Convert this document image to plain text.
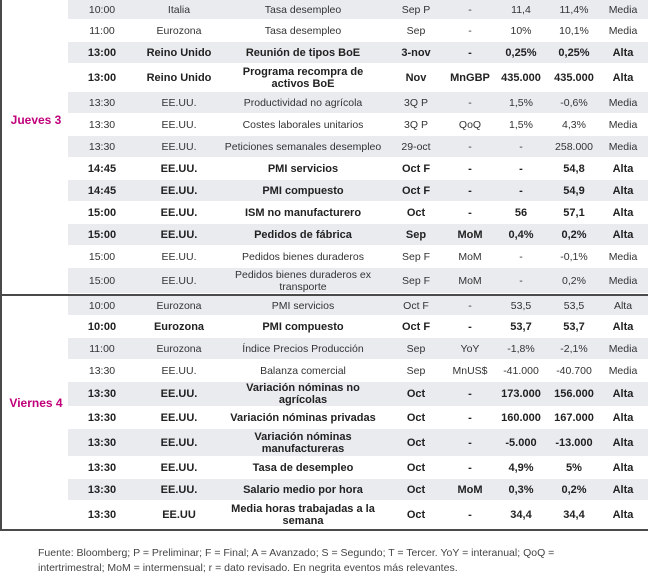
Jueves 3
10:00	Italia	Tasa desempleo	Sep P	-	11,4	11,4%	Media
11:00	Eurozona	Tasa desempleo	Sep	-	10%	10,1%	Media
13:00	Reino Unido	Reunión de tipos BoE	3-nov	-	0,25%	0,25%	Alta
13:00	Reino Unido	Programa recompra de activos BoE	Nov	MnGBP	435.000	435.000	Alta
13:30	EE.UU.	Productividad no agrícola	3Q P	-	1,5%	-0,6%	Media
13:30	EE.UU.	Costes laborales unitarios	3Q P	QoQ	1,5%	4,3%	Media
13:30	EE.UU.	Peticiones semanales desempleo	29-oct	-	-	258.000	Media
14:45	EE.UU.	PMI servicios	Oct F	-	-	54,8	Alta
14:45	EE.UU.	PMI compuesto	Oct F	-	-	54,9	Alta
15:00	EE.UU.	ISM no manufacturero	Oct	-	56	57,1	Alta
15:00	EE.UU.	Pedidos de fábrica	Sep	MoM	0,4%	0,2%	Alta
15:00	EE.UU.	Pedidos bienes duraderos	Sep F	MoM	-	-0,1%	Media
15:00	EE.UU.	Pedidos bienes duraderos ex transporte	Sep F	MoM	-	0,2%	Media
Viernes 4
10:00	Eurozona	PMI servicios	Oct F	-	53,5	53,5	Alta
10:00	Eurozona	PMI compuesto	Oct F	-	53,7	53,7	Alta
11:00	Eurozona	Índice Precios Producción	Sep	YoY	-1,8%	-2,1%	Media
13:30	EE.UU.	Balanza comercial	Sep	MnUS$	-41.000	-40.700	Media
13:30	EE.UU.	Variación nóminas no agrícolas	Oct	-	173.000	156.000	Alta
13:30	EE.UU.	Variación nóminas privadas	Oct	-	160.000	167.000	Alta
13:30	EE.UU.	Variación nóminas manufactureras	Oct	-	-5.000	-13.000	Alta
13:30	EE.UU.	Tasa de desempleo	Oct	-	4,9%	5%	Alta
13:30	EE.UU.	Salario medio por hora	Oct	MoM	0,3%	0,2%	Alta
13:30	EE.UU	Media horas trabajadas a la semana	Oct	-	34,4	34,4	Alta
Fuente: Bloomberg; P = Preliminar; F = Final; A = Avanzado; S = Segundo; T = Tercer. YoY = interanual; QoQ =
intertrimestral; MoM = intermensual; r = dato revisado. En negrita eventos más relevantes.
